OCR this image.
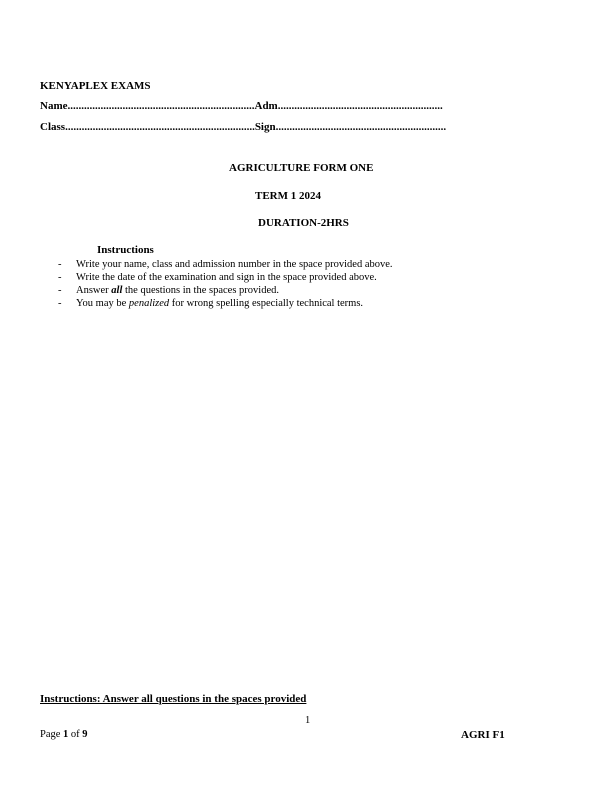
KENYAPLEX EXAMS
Name....................................................................Adm............................................................
Class.....................................................................Sign..............................................................
AGRICULTURE FORM ONE
TERM 1 2024
DURATION-2HRS
Instructions
- Write your name, class and admission number in the space provided above.
- Write the date of the examination and sign in the space provided above.
- Answer all the questions in the spaces provided.
- You may be penalized for wrong spelling especially technical terms.
Instructions: Answer all questions in the spaces provided
1
Page 1 of 9	AGRI F1
